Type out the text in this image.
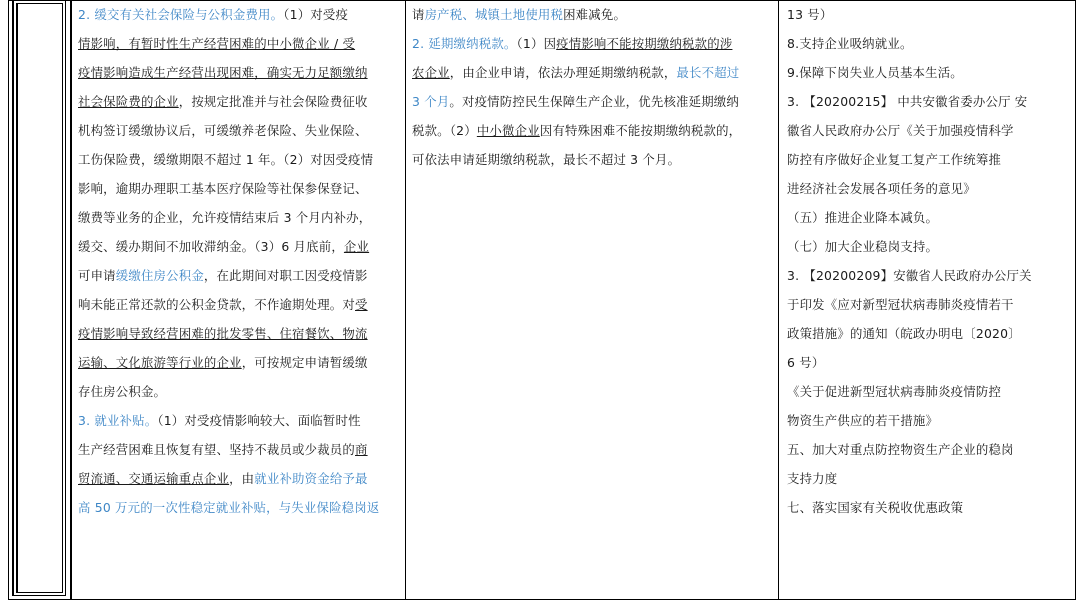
2. 缓交有关社会保险与公积金费用。（1）对受疫
情影响，有暂时性生产经营困难的中小微企业 / 受
疫情影响造成生产经营出现困难，确实无力足额缴纳
社会保险费的企业，按规定批准并与社会保险费征收
机构签订缓缴协议后，可缓缴养老保险、失业保险、
工伤保险费，缓缴期限不超过 1 年。（2）对因受疫情
影响，逾期办理职工基本医疗保险等社保参保登记、
缴费等业务的企业，允许疫情结束后 3 个月内补办，
缓交、缓办期间不加收滞纳金。（3）6 月底前，企业
可申请缓缴住房公积金，在此期间对职工因受疫情影
响未能正常还款的公积金贷款，不作逾期处理。对受
疫情影响导致经营困难的批发零售、住宿餐饮、物流
运输、文化旅游等行业的企业，可按规定申请暂缓缴
存住房公积金。
3. 就业补贴。（1）对受疫情影响较大、面临暂时性
生产经营困难且恢复有望、坚持不裁员或少裁员的商
贸流通、交通运输重点企业，由就业补助资金给予最
高 50 万元的一次性稳定就业补贴，与失业保险稳岗返
请房产税、城镇土地使用税困难减免。
2. 延期缴纳税款。（1）因疫情影响不能按期缴纳税款的涉
农企业，由企业申请，依法办理延期缴纳税款，最长不超过
3 个月。对疫情防控民生保障生产企业，优先核准延期缴纳
税款。（2）中小微企业因有特殊困难不能按期缴纳税款的，
可依法申请延期缴纳税款，最长不超过 3 个月。
13 号）
8.支持企业吸纳就业。
9.保障下岗失业人员基本生活。
3. 【20200215】 中共安徽省委办公厅 安
徽省人民政府办公厅《关于加强疫情科学
防控有序做好企业复工复产工作统筹推
进经济社会发展各项任务的意见》
（五）推进企业降本减负。
（七）加大企业稳岗支持。
3. 【20200209】安徽省人民政府办公厅关
于印发《应对新型冠状病毒肺炎疫情若干
政策措施》的通知（皖政办明电〔2020〕
6 号）
《关于促进新型冠状病毒肺炎疫情防控
物资生产供应的若干措施》
五、加大对重点防控物资生产企业的稳岗
支持力度
七、落实国家有关税收优惠政策
